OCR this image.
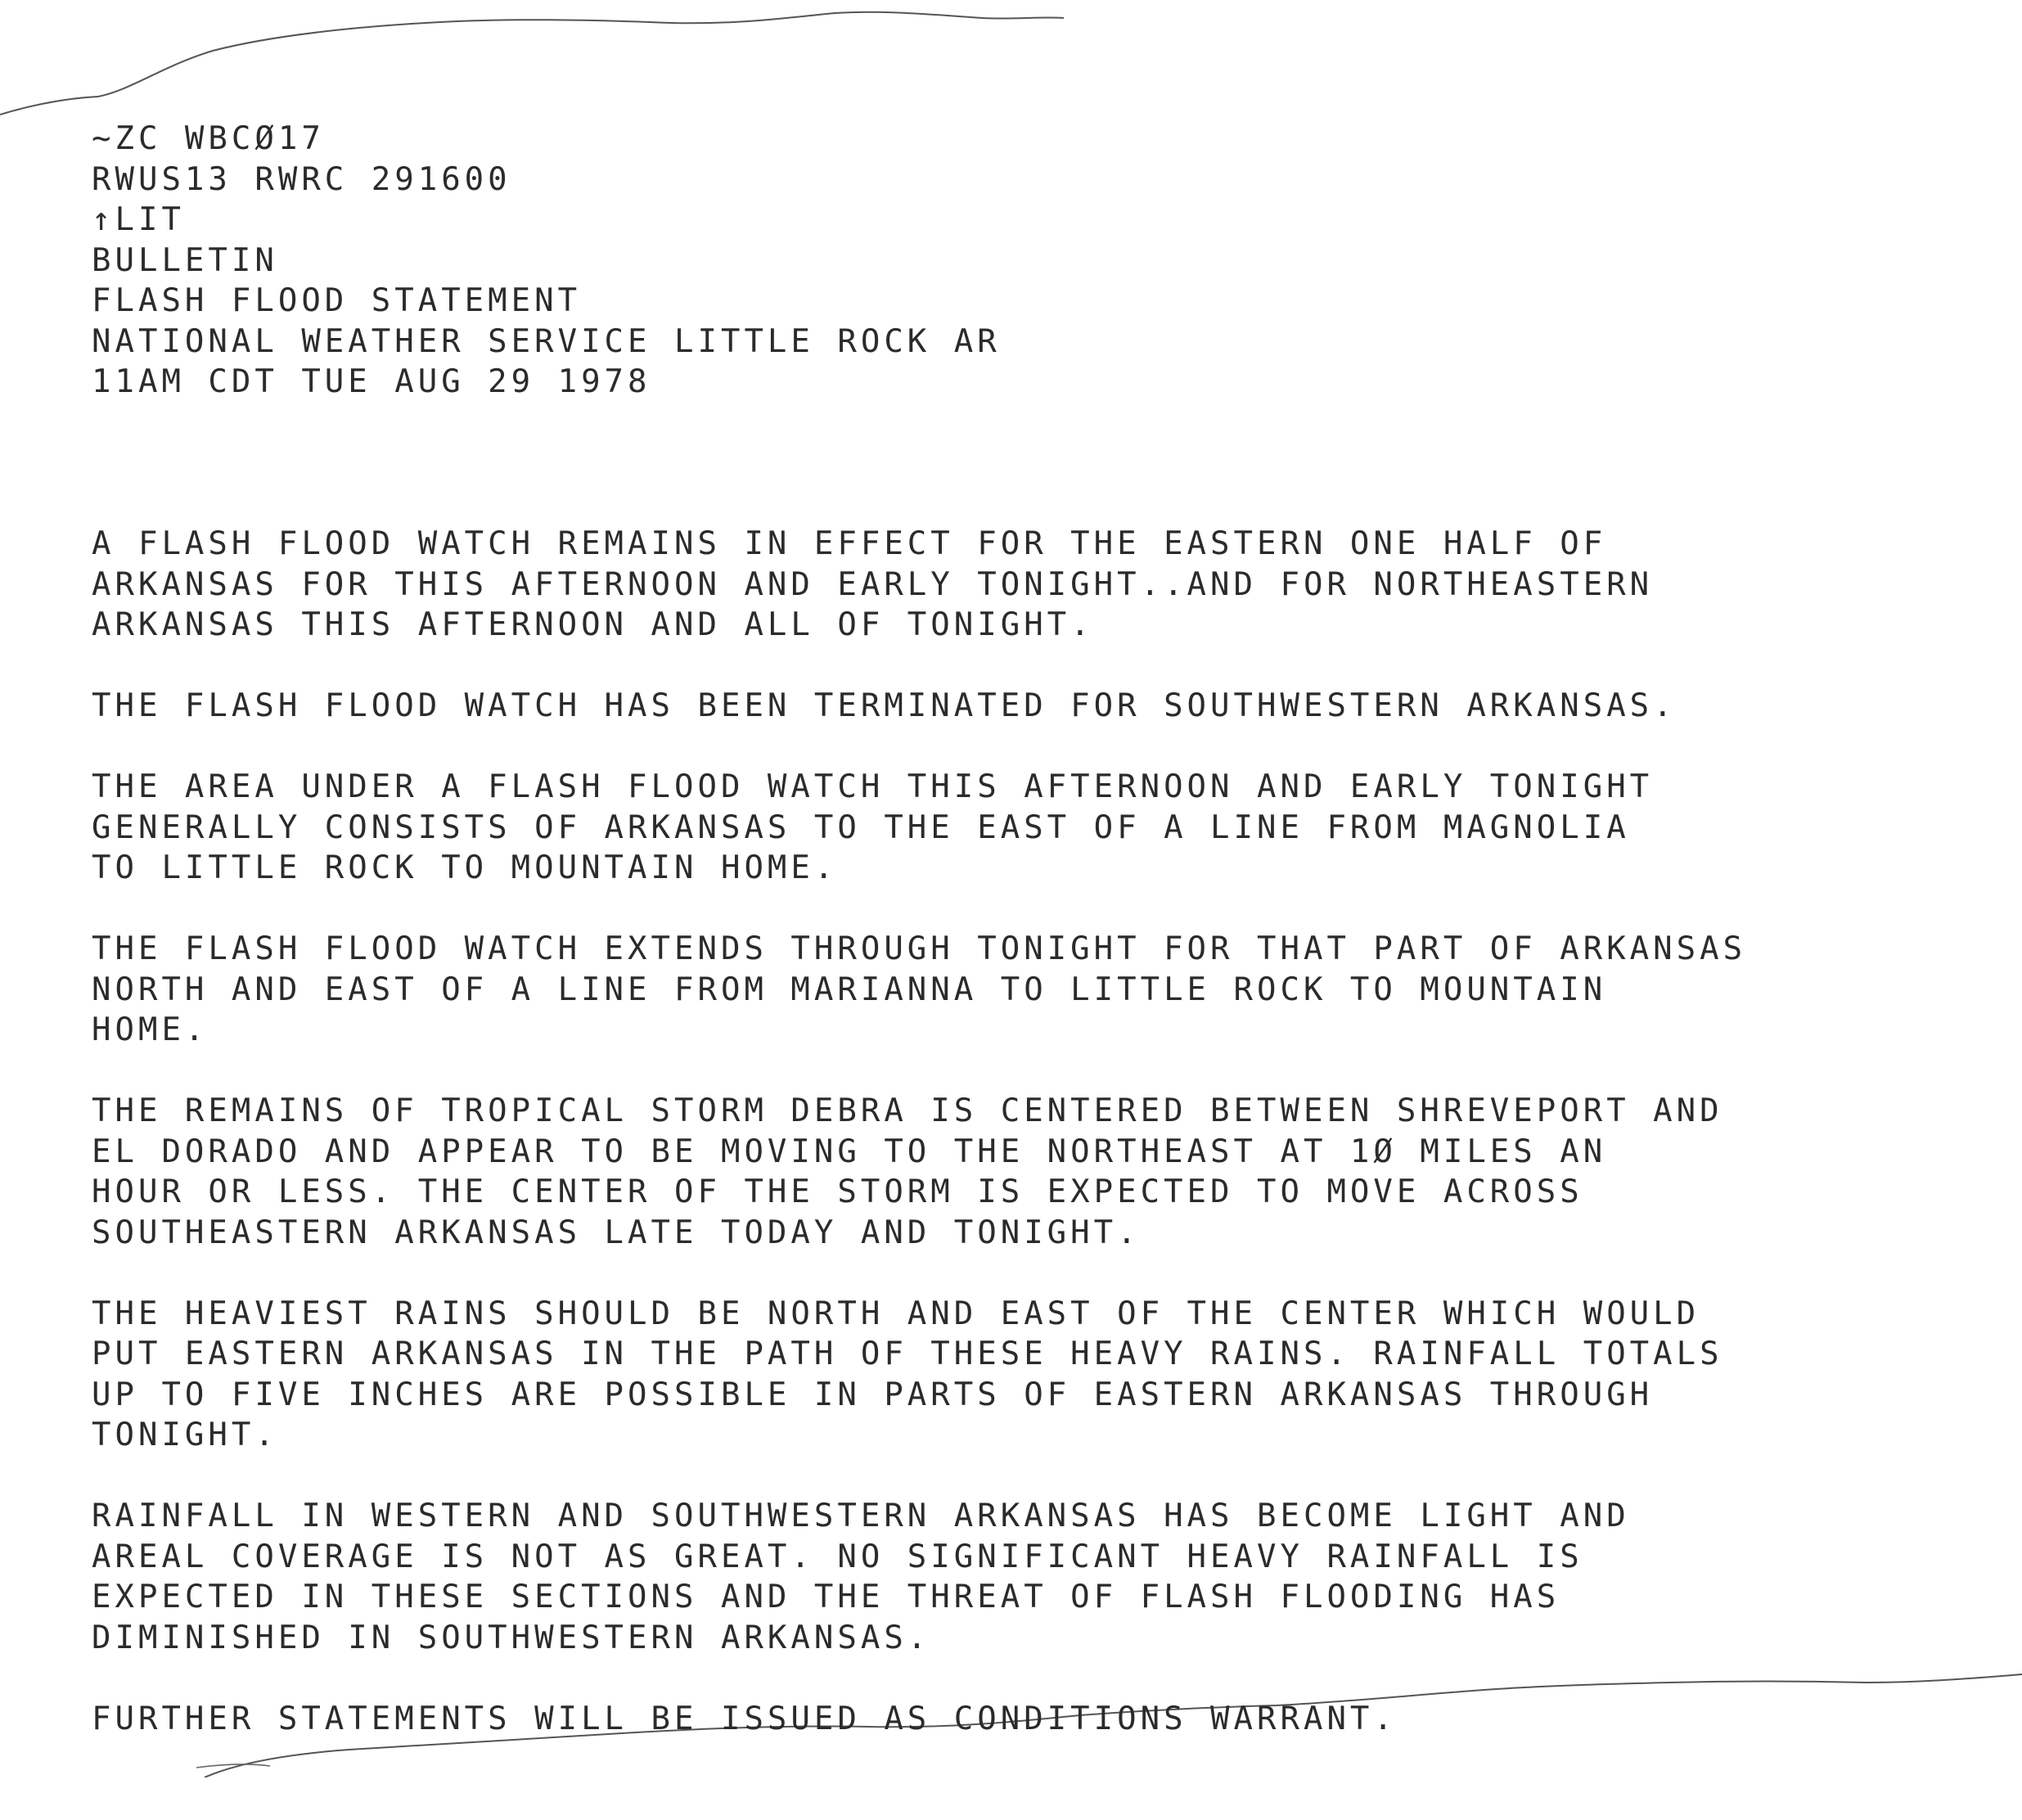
~ZC WBCØ17
RWUS13 RWRC 291600
↑LIT
BULLETIN
FLASH FLOOD STATEMENT
NATIONAL WEATHER SERVICE LITTLE ROCK AR
11AM CDT TUE AUG 29 1978

A FLASH FLOOD WATCH REMAINS IN EFFECT FOR THE EASTERN ONE HALF OF
ARKANSAS FOR THIS AFTERNOON AND EARLY TONIGHT..AND FOR NORTHEASTERN
ARKANSAS THIS AFTERNOON AND ALL OF TONIGHT.
THE FLASH FLOOD WATCH HAS BEEN TERMINATED FOR SOUTHWESTERN ARKANSAS.
THE AREA UNDER A FLASH FLOOD WATCH THIS AFTERNOON AND EARLY TONIGHT
GENERALLY CONSISTS OF ARKANSAS TO THE EAST OF A LINE FROM MAGNOLIA
TO LITTLE ROCK TO MOUNTAIN HOME.
THE FLASH FLOOD WATCH EXTENDS THROUGH TONIGHT FOR THAT PART OF ARKANSAS
NORTH AND EAST OF A LINE FROM MARIANNA TO LITTLE ROCK TO MOUNTAIN
HOME.
THE REMAINS OF TROPICAL STORM DEBRA IS CENTERED BETWEEN SHREVEPORT AND
EL DORADO AND APPEAR TO BE MOVING TO THE NORTHEAST AT 1Ø MILES AN
HOUR OR LESS. THE CENTER OF THE STORM IS EXPECTED TO MOVE ACROSS
SOUTHEASTERN ARKANSAS LATE TODAY AND TONIGHT.
THE HEAVIEST RAINS SHOULD BE NORTH AND EAST OF THE CENTER WHICH WOULD
PUT EASTERN ARKANSAS IN THE PATH OF THESE HEAVY RAINS. RAINFALL TOTALS
UP TO FIVE INCHES ARE POSSIBLE IN PARTS OF EASTERN ARKANSAS THROUGH
TONIGHT.
RAINFALL IN WESTERN AND SOUTHWESTERN ARKANSAS HAS BECOME LIGHT AND
AREAL COVERAGE IS NOT AS GREAT. NO SIGNIFICANT HEAVY RAINFALL IS
EXPECTED IN THESE SECTIONS AND THE THREAT OF FLASH FLOODING HAS
DIMINISHED IN SOUTHWESTERN ARKANSAS.
FURTHER STATEMENTS WILL BE ISSUED AS CONDITIONS WARRANT.
